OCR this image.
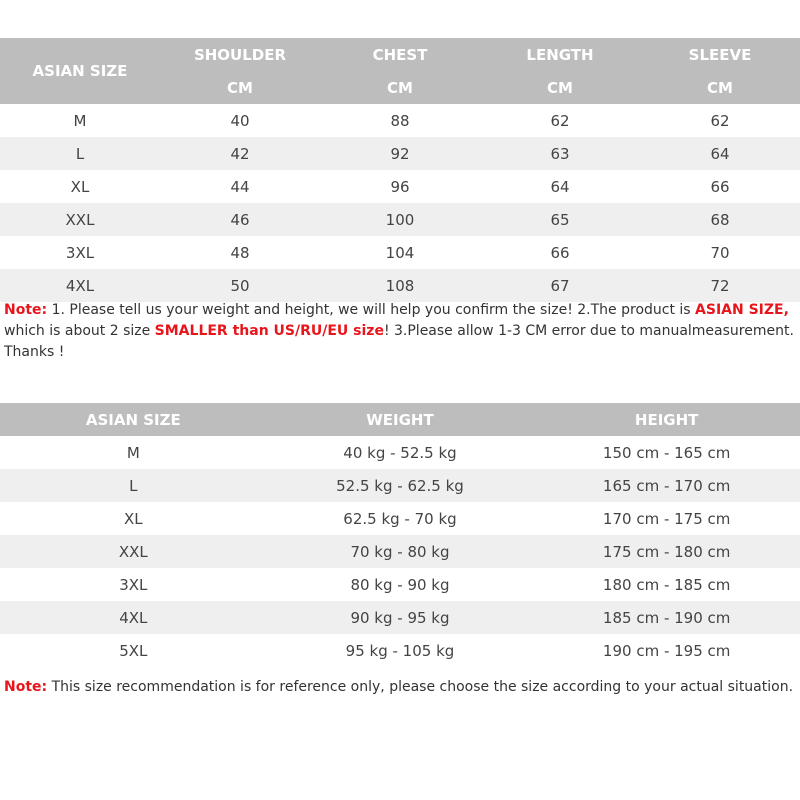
ASIAN SIZE	SHOULDER	CHEST	LENGTH	SLEEVE
	CM	CM	CM	CM
M	40	88	62	62
L	42	92	63	64
XL	44	96	64	66
XXL	46	100	65	68
3XL	48	104	66	70
4XL	50	108	67	72
Note: 1. Please tell us your weight and height, we will help you confirm the size! 2.The product is ASIAN SIZE, which is about 2 size SMALLER than US/RU/EU size! 3.Please allow 1-3 CM error due to manualmeasurement. Thanks !
ASIAN SIZE	WEIGHT	HEIGHT
M	40 kg - 52.5 kg	150 cm - 165 cm
L	52.5 kg - 62.5 kg	165 cm - 170 cm
XL	62.5 kg - 70 kg	170 cm - 175 cm
XXL	70 kg - 80 kg	175 cm - 180 cm
3XL	80 kg - 90 kg	180 cm - 185 cm
4XL	90 kg - 95 kg	185 cm - 190 cm
5XL	95 kg - 105 kg	190 cm - 195 cm
Note: This size recommendation is for reference only, please choose the size according to your actual situation.
